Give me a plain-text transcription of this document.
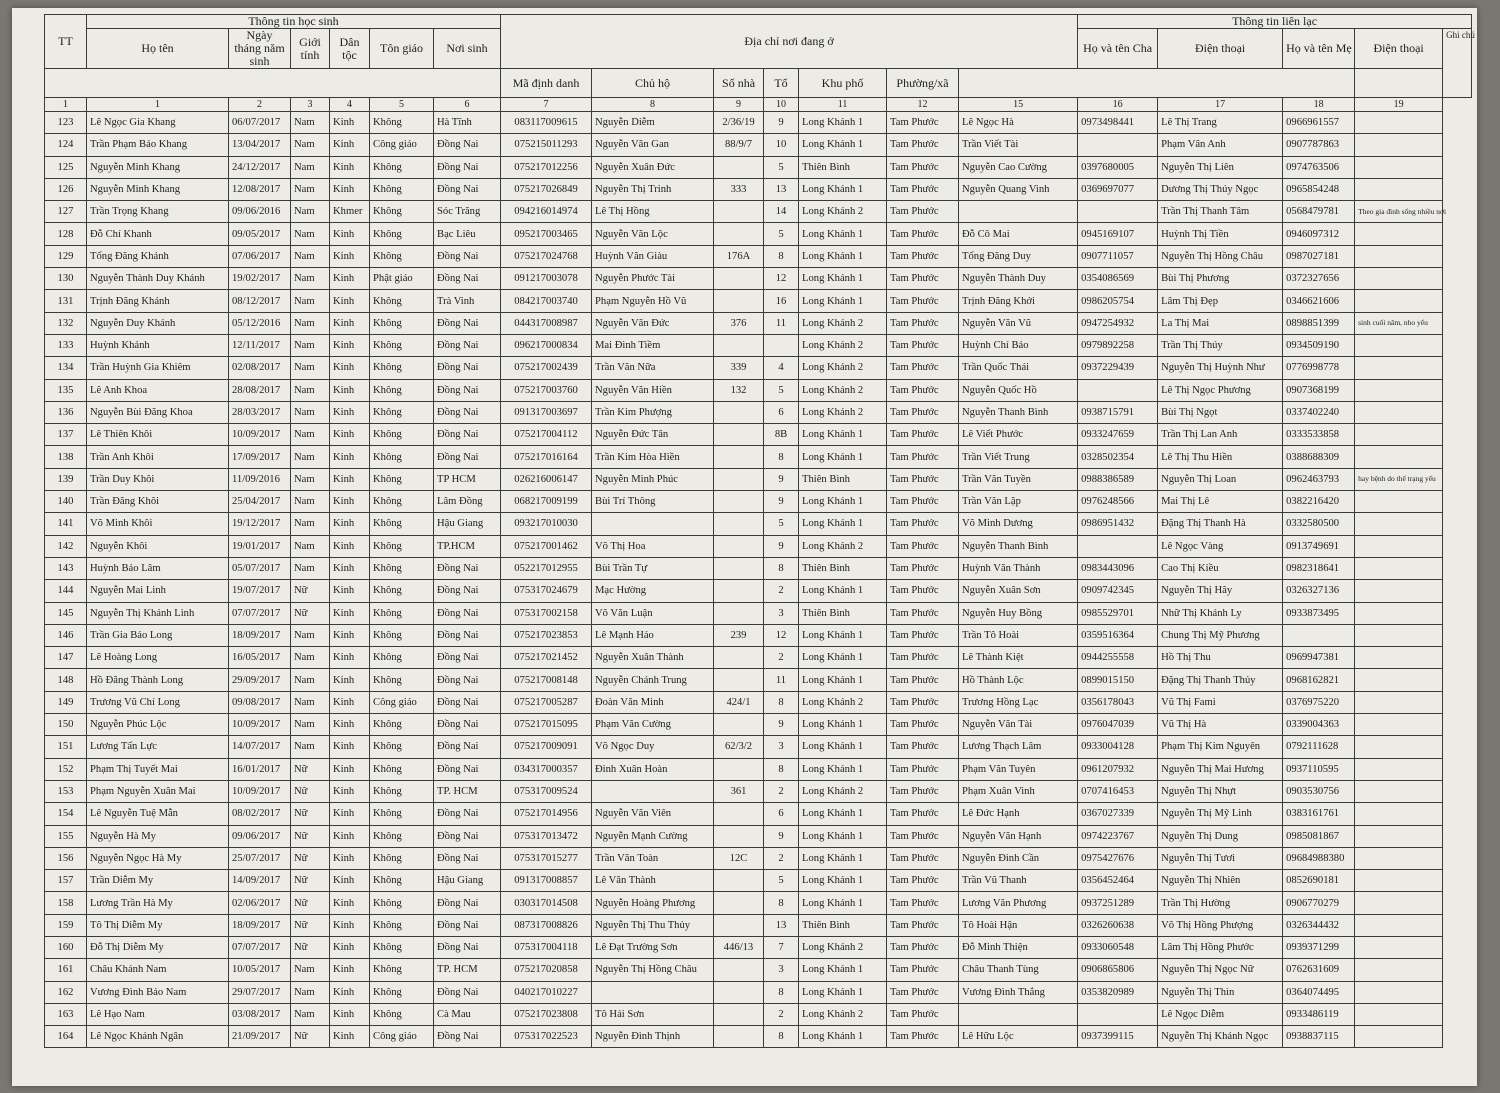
TT	Thông tin học sinh						Địa chỉ nơi đang ở							Thông tin liên lạc				
	Họ tên	Ngày tháng năm sinh	Giới tính	Dân tộc	Tôn giáo	Nơi sinh								Họ và tên Cha	Điện thoại	Họ và tên Mẹ	Điện thoại	Ghi chú
							Mã định danh	Chủ hộ	Số nhà	Tổ	Khu phố	Phường/xã						
1	1	2	3	4	5	6	7	8	9	10	11	12	15	16	17	18	19	
123	Lê Ngọc Gia Khang	06/07/2017	Nam	Kinh	Không	Hà Tĩnh	083117009615	Nguyễn Diễm	2/36/19	9	Long Khánh 1	Tam Phước	Lê Ngọc Hà	0973498441	Lê Thị Trang	0966961557		
124	Trần Phạm Bảo Khang	13/04/2017	Nam	Kinh	Công giáo	Đồng Nai	075215011293	Nguyễn Văn Gan	88/9/7	10	Long Khánh 1	Tam Phước	Trần Viết Tài		Phạm Vân Anh	0907787863		
125	Nguyễn Minh Khang	24/12/2017	Nam	Kinh	Không	Đồng Nai	075217012256	Nguyễn Xuân Đức		5	Thiên Bình	Tam Phước	Nguyễn Cao Cường	0397680005	Nguyễn Thị Liên	0974763506		
126	Nguyễn Minh Khang	12/08/2017	Nam	Kinh	Không	Đồng Nai	075217026849	Nguyễn Thị Trinh	333	13	Long Khánh 1	Tam Phước	Nguyễn Quang Vinh	0369697077	Dương Thị Thúy Ngọc	0965854248		
127	Trần Trọng Khang	09/06/2016	Nam	Khmer	Không	Sóc Trăng	094216014974	Lê Thị Hồng		14	Long Khánh 2	Tam Phước			Trần Thị Thanh Tâm	0568479781	Theo gia đình sống nhiều nơi	
128	Đỗ Chí Khanh	09/05/2017	Nam	Kinh	Không	Bạc Liêu	095217003465	Nguyễn Văn Lộc		5	Long Khánh 1	Tam Phước	Đỗ Cô Mai	0945169107	Huỳnh Thị Tiền	0946097312		
129	Tống Đăng Khánh	07/06/2017	Nam	Kinh	Không	Đồng Nai	075217024768	Huỳnh Văn Giàu	176A	8	Long Khánh 1	Tam Phước	Tống Đăng Duy	0907711057	Nguyễn Thị Hồng Châu	0987027181		
130	Nguyễn Thành Duy Khánh	19/02/2017	Nam	Kinh	Phật giáo	Đồng Nai	091217003078	Nguyễn Phước Tài		12	Long Khánh 1	Tam Phước	Nguyễn Thành Duy	0354086569	Bùi Thị Phương	0372327656		
131	Trịnh Đăng Khánh	08/12/2017	Nam	Kinh	Không	Trà Vinh	084217003740	Phạm Nguyễn Hồ Vũ		16	Long Khánh 1	Tam Phước	Trịnh Đăng Khởi	0986205754	Lâm Thị Đẹp	0346621606		
132	Nguyễn Duy Khánh	05/12/2016	Nam	Kinh	Không	Đồng Nai	044317008987	Nguyễn Văn Đức	376	11	Long Khánh 2	Tam Phước	Nguyễn Văn Vũ	0947254932	La Thị Mai	0898851399	sinh cuối năm, nho yếu	
133	Huỳnh Khánh	12/11/2017	Nam	Kinh	Không	Đồng Nai	096217000834	Mai Đình Tiềm			Long Khánh 2	Tam Phước	Huỳnh Chí Bảo	0979892258	Trần Thị Thúy	0934509190		
134	Trần Huỳnh Gia Khiêm	02/08/2017	Nam	Kinh	Không	Đồng Nai	075217002439	Trần Văn Nữa	339	4	Long Khánh 2	Tam Phước	Trần Quốc Thái	0937229439	Nguyễn Thị Huỳnh Như	0776998778		
135	Lê Anh Khoa	28/08/2017	Nam	Kinh	Không	Đồng Nai	075217003760	Nguyễn Văn Hiền	132	5	Long Khánh 2	Tam Phước	Nguyễn Quốc Hồ		Lê Thị Ngọc Phương	0907368199		
136	Nguyễn Bùi Đăng Khoa	28/03/2017	Nam	Kinh	Không	Đồng Nai	091317003697	Trần Kim Phượng		6	Long Khánh 2	Tam Phước	Nguyễn Thanh Bình	0938715791	Bùi Thị Ngọt	0337402240		
137	Lê Thiên Khôi	10/09/2017	Nam	Kinh	Không	Đồng Nai	075217004112	Nguyễn Đức Tân		8B	Long Khánh 1	Tam Phước	Lê Viết Phước	0933247659	Trần Thị Lan Anh	0333533858		
138	Trần Anh Khôi	17/09/2017	Nam	Kinh	Không	Đồng Nai	075217016164	Trần Kim Hòa Hiền		8	Long Khánh 1	Tam Phước	Trần Viết Trung	0328502354	Lê Thị Thu Hiền	0388688309		
139	Trần Duy Khôi	11/09/2016	Nam	Kinh	Không	TP HCM	026216006147	Nguyễn Minh Phúc		9	Thiên Bình	Tam Phước	Trần Văn Tuyền	0988386589	Nguyễn Thị Loan	0962463793	hay bệnh do thể trạng yếu	
140	Trần Đăng Khôi	25/04/2017	Nam	Kinh	Không	Lâm Đồng	068217009199	Bùi Trí Thông		9	Long Khánh 1	Tam Phước	Trần Văn Lập	0976248566	Mai Thị Lê	0382216420		
141	Võ Minh Khôi	19/12/2017	Nam	Kinh	Không	Hậu Giang	093217010030			5	Long Khánh 1	Tam Phước	Võ Minh Dương	0986951432	Đặng Thị Thanh Hà	0332580500		
142	Nguyễn Khôi	19/01/2017	Nam	Kinh	Không	TP.HCM	075217001462	Võ Thị Hoa		9	Long Khánh 2	Tam Phước	Nguyễn Thanh Bình		Lê Ngọc Vàng	0913749691		
143	Huỳnh Bảo Lâm	05/07/2017	Nam	Kinh	Không	Đồng Nai	052217012955	Bùi Trần Tự		8	Thiên Bình	Tam Phước	Huỳnh Văn Thành	0983443096	Cao Thị Kiều	0982318641		
144	Nguyễn Mai Linh	19/07/2017	Nữ	Kinh	Không	Đồng Nai	075317024679	Mạc Hường		2	Long Khánh 1	Tam Phước	Nguyễn Xuân Sơn	0909742345	Nguyễn Thị Hãy	0326327136		
145	Nguyễn Thị Khánh Linh	07/07/2017	Nữ	Kinh	Không	Đồng Nai	075317002158	Võ Văn Luận		3	Thiên Bình	Tam Phước	Nguyễn Huy Bồng	0985529701	Nhữ Thị Khánh Ly	0933873495		
146	Trần Gia Bảo Long	18/09/2017	Nam	Kinh	Không	Đồng Nai	075217023853	Lê Mạnh Hảo	239	12	Long Khánh 1	Tam Phước	Trần Tô Hoài	0359516364	Chung Thị Mỹ Phương			
147	Lê Hoàng Long	16/05/2017	Nam	Kinh	Không	Đồng Nai	075217021452	Nguyễn Xuân Thành		2	Long Khánh 1	Tam Phước	Lê Thành Kiệt	0944255558	Hồ Thị Thu	0969947381		
148	Hồ Đăng Thành Long	29/09/2017	Nam	Kinh	Không	Đồng Nai	075217008148	Nguyễn Chánh Trung		11	Long Khánh 1	Tam Phước	Hồ Thành Lộc	0899015150	Đặng Thị Thanh Thủy	0968162821		
149	Trương Vũ Chí Long	09/08/2017	Nam	Kinh	Công giáo	Đồng Nai	075217005287	Đoàn Văn Minh	424/1	8	Long Khánh 2	Tam Phước	Trương Hồng Lạc	0356178043	Vũ Thị Fami	0376975220		
150	Nguyễn Phúc Lộc	10/09/2017	Nam	Kinh	Không	Đồng Nai	075217015095	Phạm Văn Cường		9	Long Khánh 1	Tam Phước	Nguyễn Văn Tài	0976047039	Vũ Thị Hà	0339004363		
151	Lương Tấn Lực	14/07/2017	Nam	Kinh	Không	Đồng Nai	075217009091	Võ Ngọc Duy	62/3/2	3	Long Khánh 1	Tam Phước	Lương Thạch Lâm	0933004128	Phạm Thị Kim Nguyên	0792111628		
152	Phạm Thị Tuyết Mai	16/01/2017	Nữ	Kinh	Không	Đồng Nai	034317000357	Đinh Xuân Hoàn		8	Long Khánh 1	Tam Phước	Phạm Văn Tuyên	0961207932	Nguyễn Thị Mai Hương	0937110595		
153	Phạm Nguyễn Xuân Mai	10/09/2017	Nữ	Kinh	Không	TP. HCM	075317009524		361	2	Long Khánh 2	Tam Phước	Phạm Xuân Vinh	0707416453	Nguyễn Thị Nhựt	0903530756		
154	Lê Nguyễn Tuệ Mẫn	08/02/2017	Nữ	Kinh	Không	Đồng Nai	075217014956	Nguyễn Văn Viên		6	Long Khánh 1	Tam Phước	Lê Đức Hạnh	0367027339	Nguyễn Thị Mỹ Linh	0383161761		
155	Nguyễn Hà My	09/06/2017	Nữ	Kinh	Không	Đồng Nai	075317013472	Nguyễn Mạnh Cường		9	Long Khánh 1	Tam Phước	Nguyễn Văn Hạnh	0974223767	Nguyễn Thị Dung	0985081867		
156	Nguyễn Ngọc Hà My	25/07/2017	Nữ	Kinh	Không	Đồng Nai	075317015277	Trần Văn Toàn	12C	2	Long Khánh 1	Tam Phước	Nguyễn Đình Cần	0975427676	Nguyễn Thị Tươi	09684988380		
157	Trần Diễm My	14/09/2017	Nữ	Kinh	Không	Hậu Giang	091317008857	Lê Văn Thành		5	Long Khánh 1	Tam Phước	Trần Vũ Thanh	0356452464	Nguyễn Thị Nhiên	0852690181		
158	Lương Trần Hà My	02/06/2017	Nữ	Kinh	Không	Đồng Nai	030317014508	Nguyễn Hoàng Phương		8	Long Khánh 1	Tam Phước	Lương Văn Phương	0937251289	Trần Thị Hường	0906770279		
159	Tô Thị Diễm My	18/09/2017	Nữ	Kinh	Không	Đồng Nai	087317008826	Nguyễn Thị Thu Thủy		13	Thiên Bình	Tam Phước	Tô Hoài Hận	0326260638	Võ Thị Hồng Phượng	0326344432		
160	Đỗ Thị Diễm My	07/07/2017	Nữ	Kinh	Không	Đồng Nai	075317004118	Lê Đạt Trường Sơn	446/13	7	Long Khánh 2	Tam Phước	Đỗ Minh Thiện	0933060548	Lâm Thị Hồng Phước	0939371299		
161	Châu Khánh Nam	10/05/2017	Nam	Kinh	Không	TP. HCM	075217020858	Nguyễn Thị Hồng Châu		3	Long Khánh 1	Tam Phước	Châu Thanh Tùng	0906865806	Nguyễn Thị Ngọc Nữ	0762631609		
162	Vương Đình Bảo Nam	29/07/2017	Nam	Kinh	Không	Đồng Nai	040217010227			8	Long Khánh 1	Tam Phước	Vương Đình Thắng	0353820989	Nguyễn Thị Thìn	0364074495		
163	Lê Hạo Nam	03/08/2017	Nam	Kinh	Không	Cà Mau	075217023808	Tô Hải Sơn		2	Long Khánh 2	Tam Phước			Lê Ngọc Diễm	0933486119		
164	Lê Ngọc Khánh Ngân	21/09/2017	Nữ	Kinh	Công giáo	Đồng Nai	075317022523	Nguyễn Đình Thịnh		8	Long Khánh 1	Tam Phước	Lê Hữu Lộc	0937399115	Nguyễn Thị Khánh Ngọc	0938837115		
